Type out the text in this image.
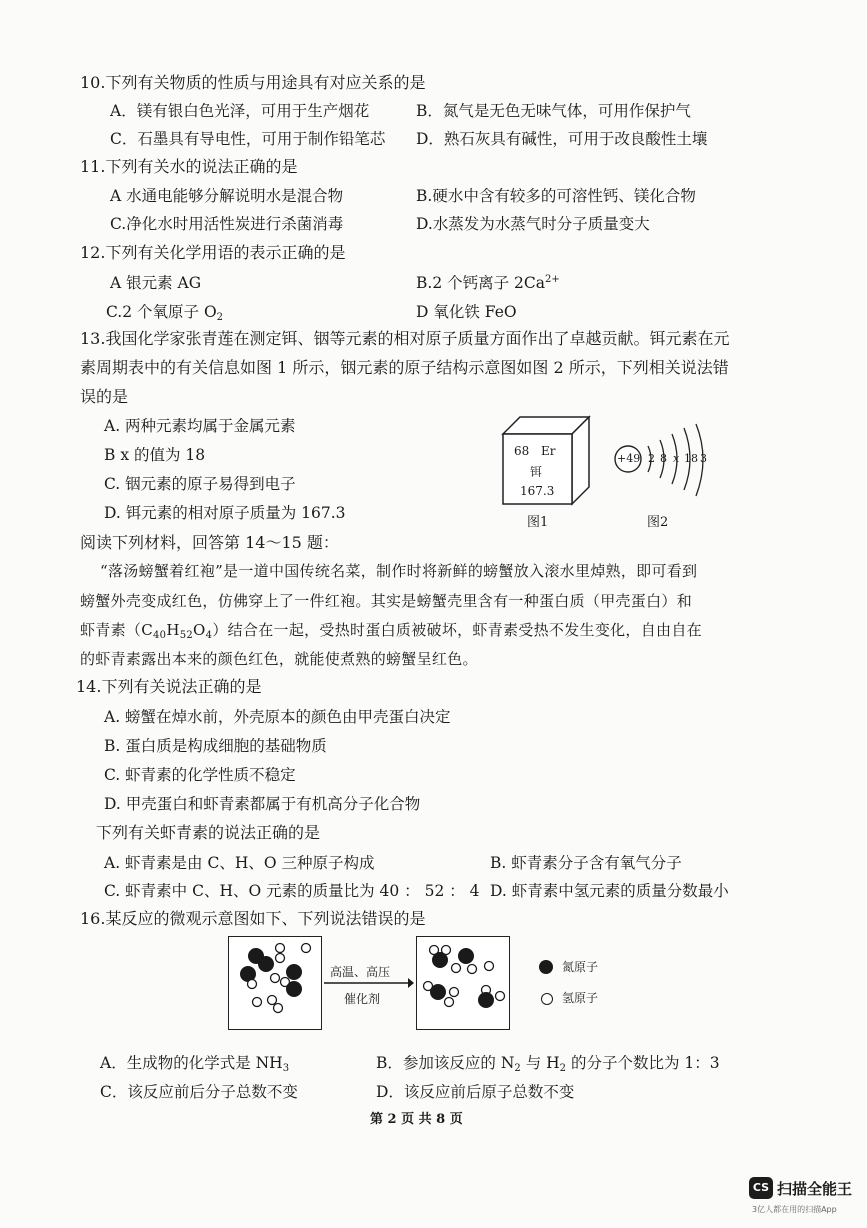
10.下列有关物质的性质与用途具有对应关系的是
A．镁有银白色光泽，可用于生产烟花	B．氮气是无色无味气体，可用作保护气
C．石墨具有导电性，可用于制作铅笔芯 D．熟石灰具有碱性，可用于改良酸性土壤
11.下列有关水的说法正确的是
A 水通电能够分解说明水是混合物	B.硬水中含有较多的可溶性钙、镁化合物
C.净化水时用活性炭进行杀菌消毒	D.水蒸发为水蒸气时分子质量变大
12.下列有关化学用语的表示正确的是
A 银元素 AG	B.2 个钙离子 $2Ca^{2+}$
C.2 个氧原子 $O_2$	D 氧化铁 FeO
13.我国化学家张青莲在测定铒、铟等元素的相对原子质量方面作出了卓越贡献。铒元素在元
素周期表中的有关信息如图 1 所示，铟元素的原子结构示意图如图 2 所示，下列相关说法错
误的是
A. 两种元素均属于金属元素
B x 的值为 18
C. 铟元素的原子易得到电子
D. 铒元素的相对原子质量为 167.3
68 Er
铒
167.3
图1
+49 2 8 x 18 3
图2
阅读下列材料，回答第 14～15 题：
“落汤螃蟹着红袍”是一道中国传统名菜，制作时将新鲜的螃蟹放入滚水里焯熟，即可看到
螃蟹外壳变成红色，仿佛穿上了一件红袍。其实是螃蟹壳里含有一种蛋白质（甲壳蛋白）和
虾青素$(C_{40}H_{52}O_4)$结合在一起，受热时蛋白质被破坏，虾青素受热不发生变化，自由自在
的虾青素露出本来的颜色红色，就能使煮熟的螃蟹呈红色。
14.下列有关说法正确的是
A. 螃蟹在焯水前，外壳原本的颜色由甲壳蛋白决定
B. 蛋白质是构成细胞的基础物质
C. 虾青素的化学性质不稳定
D. 甲壳蛋白和虾青素都属于有机高分子化合物
下列有关虾青素的说法正确的是
A. 虾青素是由 C、H、O 三种原子构成	B. 虾青素分子含有氧气分子
C. 虾青素中 C、H、O 元素的质量比为 40 ： 52 ： 4 D. 虾青素中氢元素的质量分数最小
16.某反应的微观示意图如下、下列说法错误的是
高温、高压
催化剂
氮原子
氢原子
A．生成物的化学式是 $NH_3$	B．参加该反应的 $N_2$ 与 $H_2$ 的分子个数比为 1：3
C．该反应前后分子总数不变	D．该反应前后原子总数不变
第 2 页 共 8 页
CS 扫描全能王
3亿人都在用的扫描App
